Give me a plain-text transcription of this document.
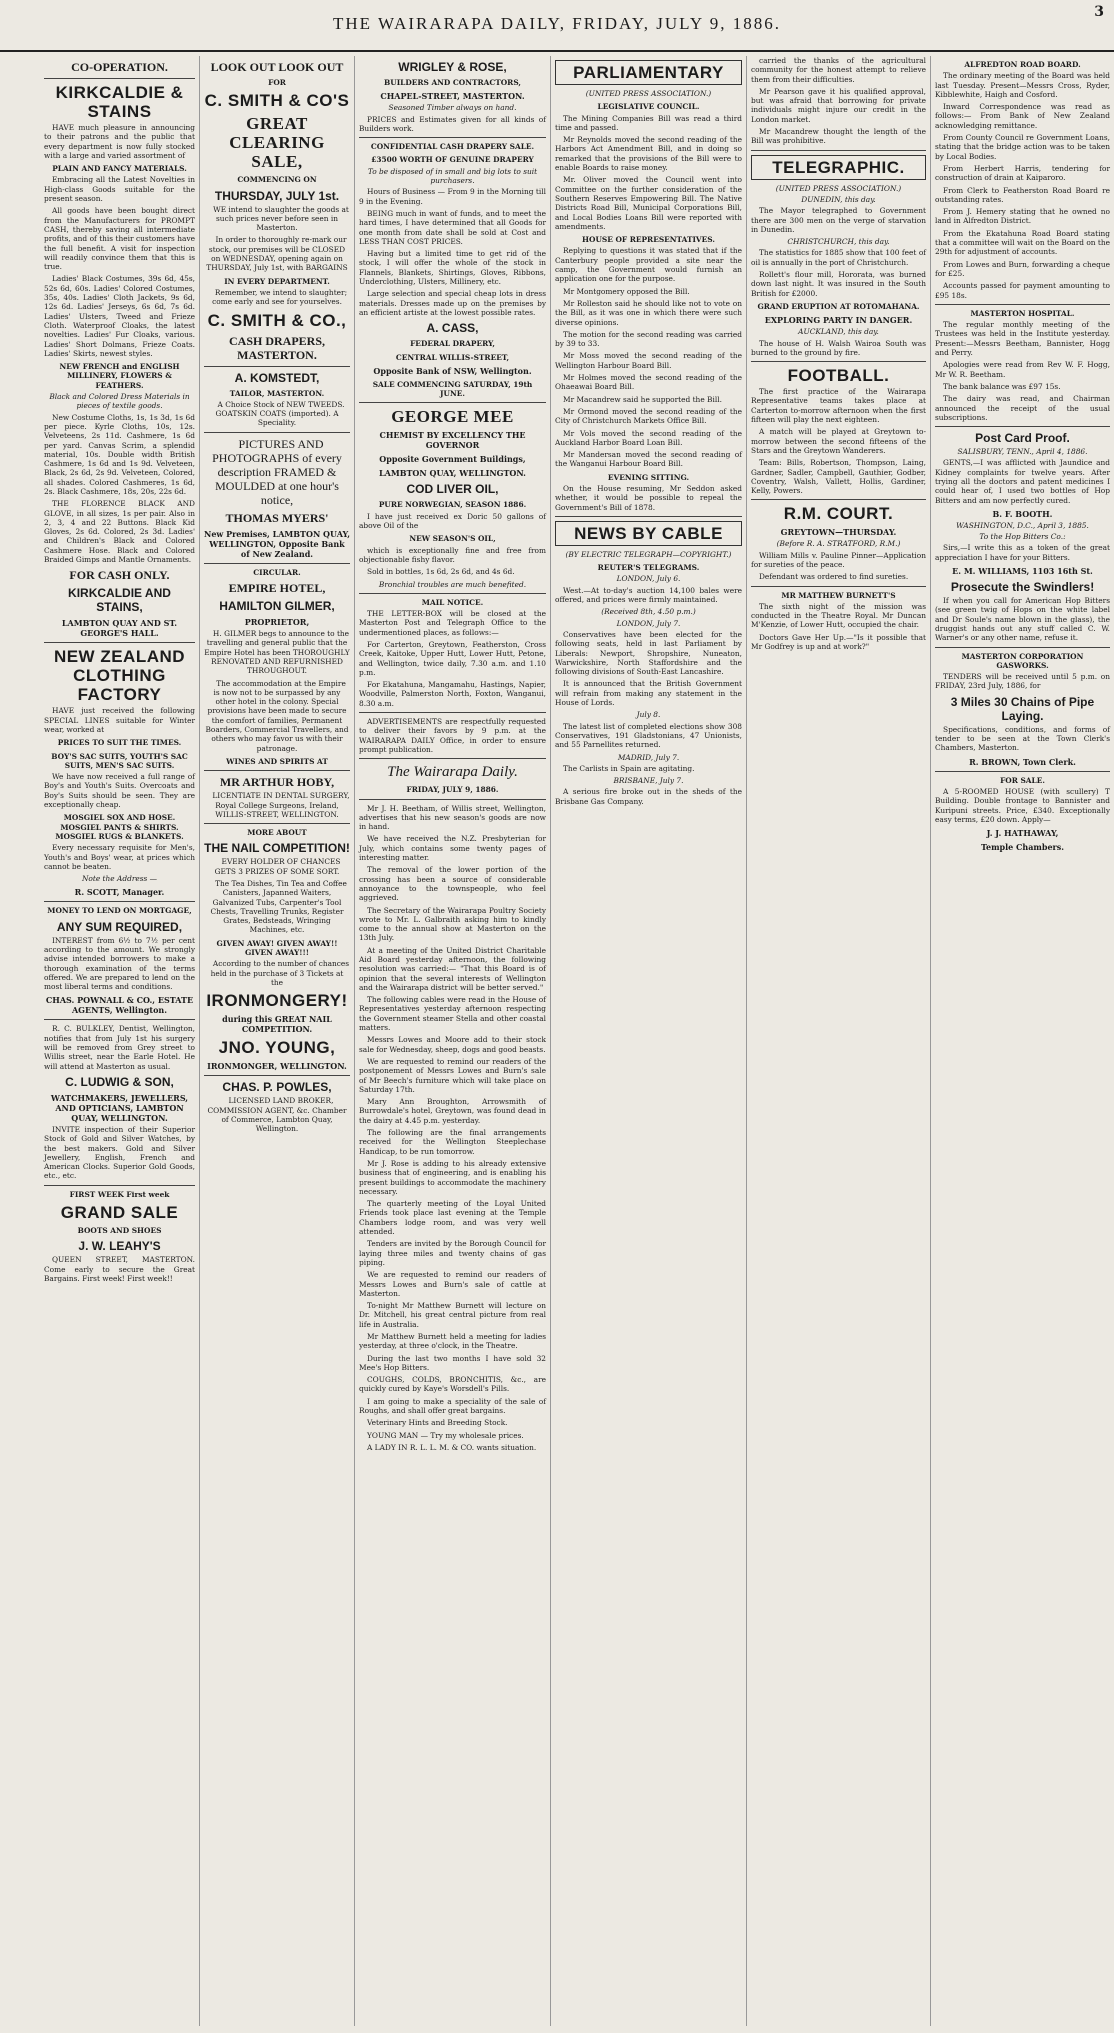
THE WAIRARAPA DAILY, FRIDAY, JULY 9, 1886.
3
CO-OPERATION.
KIRKCALDIE & STAINS

HAVE much pleasure in announcing to their patrons and the public that every department is now fully stocked with a large and varied assortment of

PLAIN AND FANCY MATERIALS.

Embracing all the Latest Novelties in High-class Goods suitable for the present season.

All goods have been bought direct from the Manufacturers for PROMPT CASH, thereby saving all intermediate profits, and of this their customers have the full benefit. A visit for inspection will readily convince them that this is true.

Ladies' Black Costumes, 39s 6d, 45s, 52s 6d, 60s. Ladies' Colored Costumes, 35s, 40s. Ladies' Cloth Jackets, 9s 6d, 12s 6d. Ladies' Jerseys, 6s 6d, 7s 6d. Ladies' Ulsters, Tweed and Frieze Cloth. Waterproof Cloaks, the latest novelties. Ladies' Fur Cloaks, various. Ladies' Short Dolmans, Frieze Coats. Ladies' Skirts, newest styles.

NEW FRENCH and ENGLISH MILLINERY, FLOWERS & FEATHERS.
Black and Colored Dress Materials in pieces of textile goods.

New Costume Cloths, 1s, 1s 3d, 1s 6d per piece. Kyrle Cloths, 10s, 12s. Velveteens, 2s 11d. Cashmere, 1s 6d per yard. Canvas Scrim, a splendid material, 10s. Double width British Cashmere, 1s 6d and 1s 9d. Velveteen, Black, 2s 6d, 2s 9d. Velveteen, Colored, all shades. Colored Cashmeres, 1s 6d, 2s. Black Cashmere, 18s, 20s, 22s 6d.

THE FLORENCE BLACK AND GLOVE, in all sizes, 1s per pair. Also in 2, 3, 4 and 22 Buttons. Black Kid Gloves, 2s 6d. Colored, 2s 3d. Ladies' and Children's Black and Colored Cashmere Hose. Black and Colored Braided Gimps and Mantle Ornaments.

FOR CASH ONLY.
KIRKCALDIE AND STAINS,
LAMBTON QUAY AND ST. GEORGE'S HALL.
NEW ZEALAND CLOTHING FACTORY

HAVE just received the following SPECIAL LINES suitable for Winter wear, worked at

PRICES TO SUIT THE TIMES.
BOY'S SAC SUITS, YOUTH'S SAC SUITS, MEN'S SAC SUITS.

We have now received a full range of Boy's and Youth's Suits. Overcoats and Boy's Suits should be seen. They are exceptionally cheap.

MOSGIEL SOX AND HOSE. MOSGIEL PANTS & SHIRTS. MOSGIEL RUGS & BLANKETS.

Every necessary requisite for Men's, Youth's and Boys' wear, at prices which cannot be beaten.

Note the Address —
R. SCOTT, Manager.
MONEY TO LEND ON MORTGAGE,
ANY SUM REQUIRED,

INTEREST from 6½ to 7½ per cent according to the amount. We strongly advise intended borrowers to make a thorough examination of the terms offered. We are prepared to lend on the most liberal terms and conditions.

CHAS. POWNALL & CO., ESTATE AGENTS, Wellington.

R. C. BULKLEY, Dentist, Wellington, notifies that from July 1st his surgery will be removed from Grey street to Willis street, near the Earle Hotel. He will attend at Masterton as usual.

C. LUDWIG & SON,
WATCHMAKERS, JEWELLERS, AND OPTICIANS, LAMBTON QUAY, WELLINGTON.

INVITE inspection of their Superior Stock of Gold and Silver Watches, by the best makers. Gold and Silver Jewellery, English, French and American Clocks. Superior Gold Goods, etc., etc.

FIRST WEEK First week
GRAND SALE
BOOTS AND SHOES
J. W. LEAHY'S

QUEEN STREET, MASTERTON. Come early to secure the Great Bargains. First week! First week!!

LOOK OUT LOOK OUT
FOR
C. SMITH & CO'S
GREAT CLEARING SALE,
COMMENCING ON
THURSDAY, JULY 1st.

WE intend to slaughter the goods at such prices never before seen in Masterton.

In order to thoroughly re-mark our stock, our premises will be CLOSED on WEDNESDAY, opening again on THURSDAY, July 1st, with BARGAINS

IN EVERY DEPARTMENT.

Remember, we intend to slaughter; come early and see for yourselves.

C. SMITH & CO.,
CASH DRAPERS, MASTERTON.
A. KOMSTEDT,
TAILOR, MASTERTON.

A Choice Stock of NEW TWEEDS. GOATSKIN COATS (imported). A Speciality.

PICTURES AND PHOTOGRAPHS of every description FRAMED & MOULDED at one hour's notice,

THOMAS MYERS'
New Premises, LAMBTON QUAY, WELLINGTON, Opposite Bank of New Zealand.
CIRCULAR.
EMPIRE HOTEL,
HAMILTON GILMER,
PROPRIETOR,

H. GILMER begs to announce to the travelling and general public that the Empire Hotel has been THOROUGHLY RENOVATED AND REFURNISHED THROUGHOUT.

The accommodation at the Empire is now not to be surpassed by any other hotel in the colony. Special provisions have been made to secure the comfort of families, Permanent Boarders, Commercial Travellers, and others who may favor us with their patronage.

WINES AND SPIRITS AT
MR ARTHUR HOBY,

LICENTIATE IN DENTAL SURGERY, Royal College Surgeons, Ireland, WILLIS-STREET, WELLINGTON.

MORE ABOUT
THE NAIL COMPETITION!

EVERY HOLDER OF CHANCES GETS 3 PRIZES OF SOME SORT.

The Tea Dishes, Tin Tea and Coffee Canisters, Japanned Waiters, Galvanized Tubs, Carpenter's Tool Chests, Travelling Trunks, Register Grates, Bedsteads, Wringing Machines, etc.

GIVEN AWAY! GIVEN AWAY!! GIVEN AWAY!!!

According to the number of chances held in the purchase of 3 Tickets at the

IRONMONGERY!
during this GREAT NAIL COMPETITION.
JNO. YOUNG,
IRONMONGER, WELLINGTON.
CHAS. P. POWLES,

LICENSED LAND BROKER, COMMISSION AGENT, &c. Chamber of Commerce, Lambton Quay, Wellington.

WRIGLEY & ROSE,
BUILDERS AND CONTRACTORS,
CHAPEL-STREET, MASTERTON.
Seasoned Timber always on hand.

PRICES and Estimates given for all kinds of Builders work.

CONFIDENTIAL CASH DRAPERY SALE.
£3500 WORTH OF GENUINE DRAPERY
To be disposed of in small and big lots to suit purchasers.

Hours of Business — From 9 in the Morning till 9 in the Evening.

BEING much in want of funds, and to meet the hard times, I have determined that all Goods for one month from date shall be sold at Cost and LESS THAN COST PRICES.

Having but a limited time to get rid of the stock, I will offer the whole of the stock in Flannels, Blankets, Shirtings, Gloves, Ribbons, Underclothing, Ulsters, Millinery, etc.

Large selection and special cheap lots in dress materials. Dresses made up on the premises by an efficient artiste at the lowest possible rates.

A. CASS,
FEDERAL DRAPERY,
CENTRAL WILLIS-STREET,
Opposite Bank of NSW, Wellington.
SALE COMMENCING SATURDAY, 19th JUNE.
GEORGE MEE
CHEMIST BY EXCELLENCY THE GOVERNOR
Opposite Government Buildings,
LAMBTON QUAY, WELLINGTON.
COD LIVER OIL,
PURE NORWEGIAN, SEASON 1886.

I have just received ex Doric 50 gallons of above Oil of the

NEW SEASON'S OIL,

which is exceptionally fine and free from objectionable fishy flavor.

Sold in bottles, 1s 6d, 2s 6d, and 4s 6d.

Bronchial troubles are much benefited.
MAIL NOTICE.

THE LETTER-BOX will be closed at the Masterton Post and Telegraph Office to the undermentioned places, as follows:—

For Carterton, Greytown, Featherston, Cross Creek, Kaitoke, Upper Hutt, Lower Hutt, Petone, and Wellington, twice daily, 7.30 a.m. and 1.10 p.m.

For Ekatahuna, Mangamahu, Hastings, Napier, Woodville, Palmerston North, Foxton, Wanganui, 8.30 a.m.

ADVERTISEMENTS are respectfully requested to deliver their favors by 9 p.m. at the WAIRARAPA DAILY Office, in order to ensure prompt publication.

The Wairarapa Daily.
FRIDAY, JULY 9, 1886.

Mr J. H. Beetham, of Willis street, Wellington, advertises that his new season's goods are now in hand.

We have received the N.Z. Presbyterian for July, which contains some twenty pages of interesting matter.

The removal of the lower portion of the crossing has been a source of considerable annoyance to the townspeople, who feel aggrieved.

The Secretary of the Wairarapa Poultry Society wrote to Mr. L. Galbraith asking him to kindly come to the annual show at Masterton on the 13th July.

At a meeting of the United District Charitable Aid Board yesterday afternoon, the following resolution was carried:— "That this Board is of opinion that the several interests of Wellington and the Wairarapa district will be better served."

The following cables were read in the House of Representatives yesterday afternoon respecting the Government steamer Stella and other coastal matters.

Messrs Lowes and Moore add to their stock sale for Wednesday, sheep, dogs and good beasts.

We are requested to remind our readers of the postponement of Messrs Lowes and Burn's sale of Mr Beech's furniture which will take place on Saturday 17th.

Mary Ann Broughton, Arrowsmith of Burrowdale's hotel, Greytown, was found dead in the dairy at 4.45 p.m. yesterday.

The following are the final arrangements received for the Wellington Steeplechase Handicap, to be run tomorrow.

Mr J. Rose is adding to his already extensive business that of engineering, and is enabling his present buildings to accommodate the machinery necessary.

The quarterly meeting of the Loyal United Friends took place last evening at the Temple Chambers lodge room, and was very well attended.

Tenders are invited by the Borough Council for laying three miles and twenty chains of gas piping.

We are requested to remind our readers of Messrs Lowes and Burn's sale of cattle at Masterton.

To-night Mr Matthew Burnett will lecture on Dr. Mitchell, his great central picture from real life in Australia.

Mr Matthew Burnett held a meeting for ladies yesterday, at three o'clock, in the Theatre.

During the last two months I have sold 32 Mee's Hop Bitters.

COUGHS, COLDS, BRONCHITIS, &c., are quickly cured by Kaye's Worsdell's Pills.

I am going to make a speciality of the sale of Roughs, and shall offer great bargains.

Veterinary Hints and Breeding Stock.

YOUNG MAN — Try my wholesale prices.

A LADY IN R. L. L. M. & CO. wants situation.

PARLIAMENTARY
(UNITED PRESS ASSOCIATION.)
LEGISLATIVE COUNCIL.

The Mining Companies Bill was read a third time and passed.

Mr Reynolds moved the second reading of the Harbors Act Amendment Bill, and in doing so remarked that the provisions of the Bill were to enable Boards to raise money.

Mr. Oliver moved the Council went into Committee on the further consideration of the Southern Reserves Empowering Bill. The Native Districts Road Bill, Municipal Corporations Bill, and Local Bodies Loans Bill were reported with amendments.

HOUSE OF REPRESENTATIVES.

Replying to questions it was stated that if the Canterbury people provided a site near the camp, the Government would furnish an application one for the purpose.

Mr Montgomery opposed the Bill.

Mr Rolleston said he should like not to vote on the Bill, as it was one in which there were such diverse opinions.

The motion for the second reading was carried by 39 to 33.

Mr Moss moved the second reading of the Wellington Harbour Board Bill.

Mr Holmes moved the second reading of the Ohaeawai Board Bill.

Mr Macandrew said he supported the Bill.

Mr Ormond moved the second reading of the City of Christchurch Markets Office Bill.

Mr Vols moved the second reading of the Auckland Harbor Board Loan Bill.

Mr Mandersan moved the second reading of the Wanganui Harbour Board Bill.

EVENING SITTING.

On the House resuming, Mr Seddon asked whether, it would be possible to repeal the Government's Bill of 1878.

NEWS BY CABLE
(BY ELECTRIC TELEGRAPH—COPYRIGHT.)
REUTER'S TELEGRAMS.
LONDON, July 6.

West.—At to-day's auction 14,100 bales were offered, and prices were firmly maintained.

(Received 8th, 4.50 p.m.)
LONDON, July 7.

Conservatives have been elected for the following seats, held in last Parliament by Liberals: Newport, Shropshire, Nuneaton, Warwickshire, North Staffordshire and the following divisions of South-East Lancashire.

It is announced that the British Government will refrain from making any statement in the House of Lords.

July 8.

The latest list of completed elections show 308 Conservatives, 191 Gladstonians, 47 Unionists, and 55 Parnellites returned.

MADRID, July 7.

The Carlists in Spain are agitating.

BRISBANE, July 7.

A serious fire broke out in the sheds of the Brisbane Gas Company.

carried the thanks of the agricultural community for the honest attempt to relieve them from their difficulties.

Mr Pearson gave it his qualified approval, but was afraid that borrowing for private individuals might injure our credit in the London market.

Mr Macandrew thought the length of the Bill was prohibitive.

TELEGRAPHIC.
(UNITED PRESS ASSOCIATION.)
DUNEDIN, this day.

The Mayor telegraphed to Government there are 300 men on the verge of starvation in Dunedin.

CHRISTCHURCH, this day.

The statistics for 1885 show that 100 feet of oil is annually in the port of Christchurch.

Rollett's flour mill, Hororata, was burned down last night. It was insured in the South British for £2000.

GRAND ERUPTION AT ROTOMAHANA.
EXPLORING PARTY IN DANGER.
AUCKLAND, this day.

The house of H. Walsh Wairoa South was burned to the ground by fire.

FOOTBALL.

The first practice of the Wairarapa Representative teams takes place at Carterton to-morrow afternoon when the first fifteen will play the next eighteen.

A match will be played at Greytown to-morrow between the second fifteens of the Stars and the Greytown Wanderers.

Team: Bills, Robertson, Thompson, Laing, Gardner, Sadler, Campbell, Gauthier, Godber, Coventry, Walsh, Vallett, Hollis, Gardiner, Kelly, Powers.

R.M. COURT.
GREYTOWN—THURSDAY.
(Before R. A. STRATFORD, R.M.)

William Mills v. Pauline Pinner—Application for sureties of the peace.

Defendant was ordered to find sureties.

MR MATTHEW BURNETT'S

The sixth night of the mission was conducted in the Theatre Royal. Mr Duncan M'Kenzie, of Lower Hutt, occupied the chair.

Doctors Gave Her Up.—"Is it possible that Mr Godfrey is up and at work?"

ALFREDTON ROAD BOARD.

The ordinary meeting of the Board was held last Tuesday. Present—Messrs Cross, Ryder, Kibblewhite, Haigh and Cosford.

Inward Correspondence was read as follows:— From Bank of New Zealand acknowledging remittance.

From County Council re Government Loans, stating that the bridge action was to be taken by Local Bodies.

From Herbert Harris, tendering for construction of drain at Kaiparoro.

From Clerk to Featherston Road Board re outstanding rates.

From J. Hemery stating that he owned no land in Alfredton District.

From the Ekatahuna Road Board stating that a committee will wait on the Board on the 29th for adjustment of accounts.

From Lowes and Burn, forwarding a cheque for £25.

Accounts passed for payment amounting to £95 18s.

MASTERTON HOSPITAL.

The regular monthly meeting of the Trustees was held in the Institute yesterday. Present:—Messrs Beetham, Bannister, Hogg and Perry.

Apologies were read from Rev W. F. Hogg, Mr W. R. Beetham.

The bank balance was £97 15s.

The dairy was read, and Chairman announced the receipt of the usual subscriptions.

Post Card Proof.
SALISBURY, TENN., April 4, 1886.

GENTS,—I was afflicted with Jaundice and Kidney complaints for twelve years. After trying all the doctors and patent medicines I could hear of, I used two bottles of Hop Bitters and am now perfectly cured.

B. F. BOOTH.
WASHINGTON, D.C., April 3, 1885.
To the Hop Bitters Co.:

Sirs,—I write this as a token of the great appreciation I have for your Bitters.

E. M. WILLIAMS, 1103 16th St.
Prosecute the Swindlers!

If when you call for American Hop Bitters (see green twig of Hops on the white label and Dr Soule's name blown in the glass), the druggist hands out any stuff called C. W. Warner's or any other name, refuse it.

MASTERTON CORPORATION GASWORKS.

TENDERS will be received until 5 p.m. on FRIDAY, 23rd July, 1886, for

3 Miles 30 Chains of Pipe Laying.

Specifications, conditions, and forms of tender to be seen at the Town Clerk's Chambers, Masterton.

R. BROWN, Town Clerk.
FOR SALE.

A 5-ROOMED HOUSE (with scullery) T Building. Double frontage to Bannister and Kuripuni streets. Price, £340. Exceptionally easy terms, £20 down. Apply—

J. J. HATHAWAY,
Temple Chambers.
